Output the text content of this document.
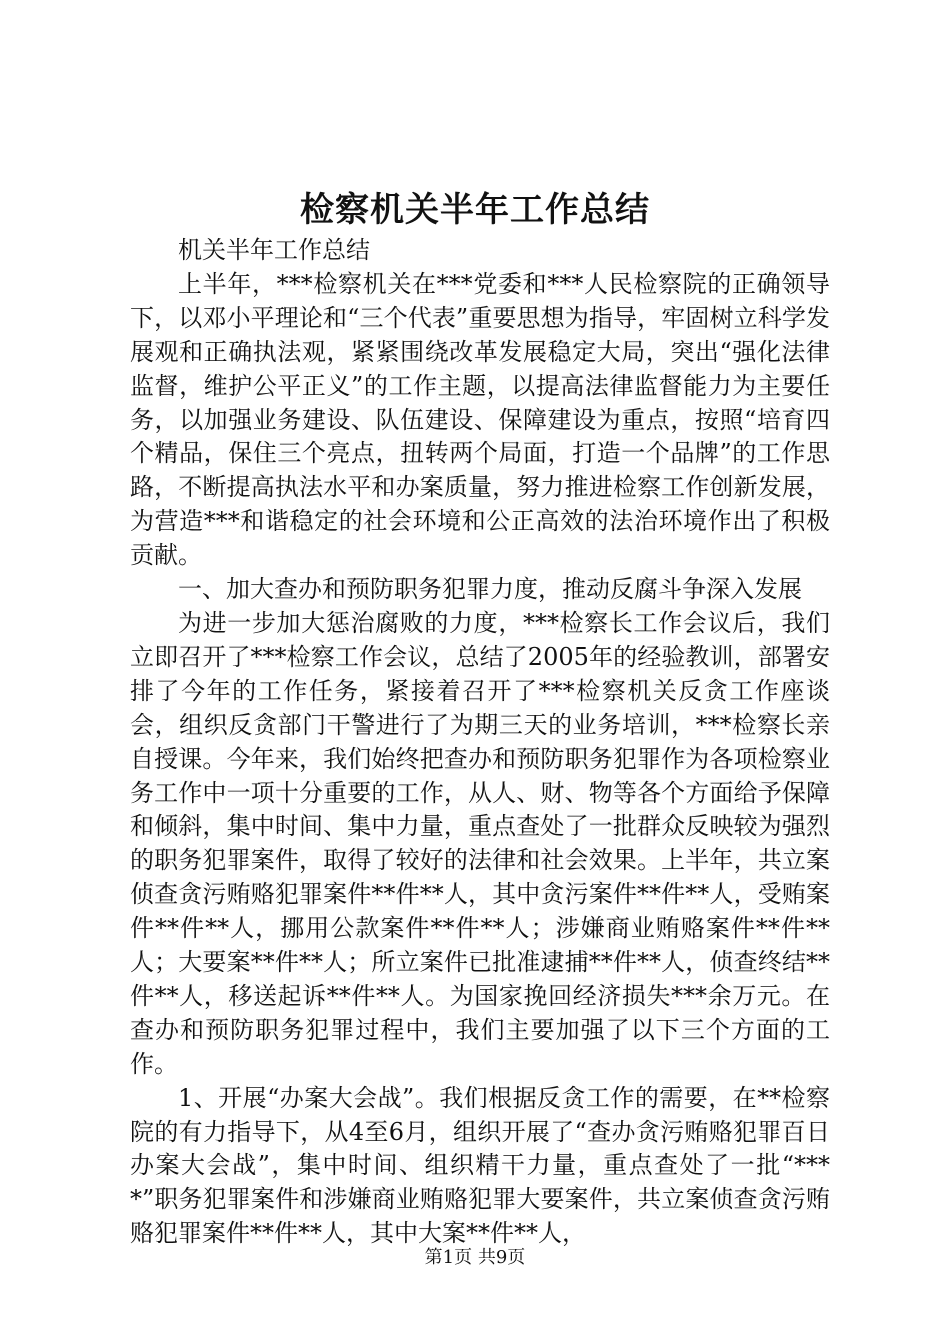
检察机关半年工作总结

机关半年工作总结

上半年，***检察机关在***党委和***人民检察院的正确领导下，以邓小平理论和“三个代表”重要思想为指导，牢固树立科学发展观和正确执法观，紧紧围绕改革发展稳定大局，突出“强化法律监督，维护公平正义”的工作主题，以提高法律监督能力为主要任务，以加强业务建设、队伍建设、保障建设为重点，按照“培育四个精品，保住三个亮点，扭转两个局面，打造一个品牌”的工作思路，不断提高执法水平和办案质量，努力推进检察工作创新发展，为营造***和谐稳定的社会环境和公正高效的法治环境作出了积极贡献。

一、加大查办和预防职务犯罪力度，推动反腐斗争深入发展

为进一步加大惩治腐败的力度，***检察长工作会议后，我们立即召开了***检察工作会议，总结了2005年的经验教训，部署安排了今年的工作任务，紧接着召开了***检察机关反贪工作座谈会，组织反贪部门干警进行了为期三天的业务培训，***检察长亲自授课。今年来，我们始终把查办和预防职务犯罪作为各项检察业务工作中一项十分重要的工作，从人、财、物等各个方面给予保障和倾斜，集中时间、集中力量，重点查处了一批群众反映较为强烈的职务犯罪案件，取得了较好的法律和社会效果。上半年，共立案侦查贪污贿赂犯罪案件**件**人，其中贪污案件**件**人，受贿案件**件**人，挪用公款案件**件**人；涉嫌商业贿赂案件**件**人；大要案**件**人；所立案件已批准逮捕**件**人，侦查终结**件**人，移送起诉**件**人。为国家挽回经济损失***余万元。在查办和预防职务犯罪过程中，我们主要加强了以下三个方面的工作。

1、开展“办案大会战”。我们根据反贪工作的需要，在**检察院的有力指导下，从4至6月，组织开展了“查办贪污贿赂犯罪百日办案大会战”，集中时间、组织精干力量，重点查处了一批“****”职务犯罪案件和涉嫌商业贿赂犯罪大要案件，共立案侦查贪污贿赂犯罪案件**件**人，其中大案**件**人，

第1页 共9页
